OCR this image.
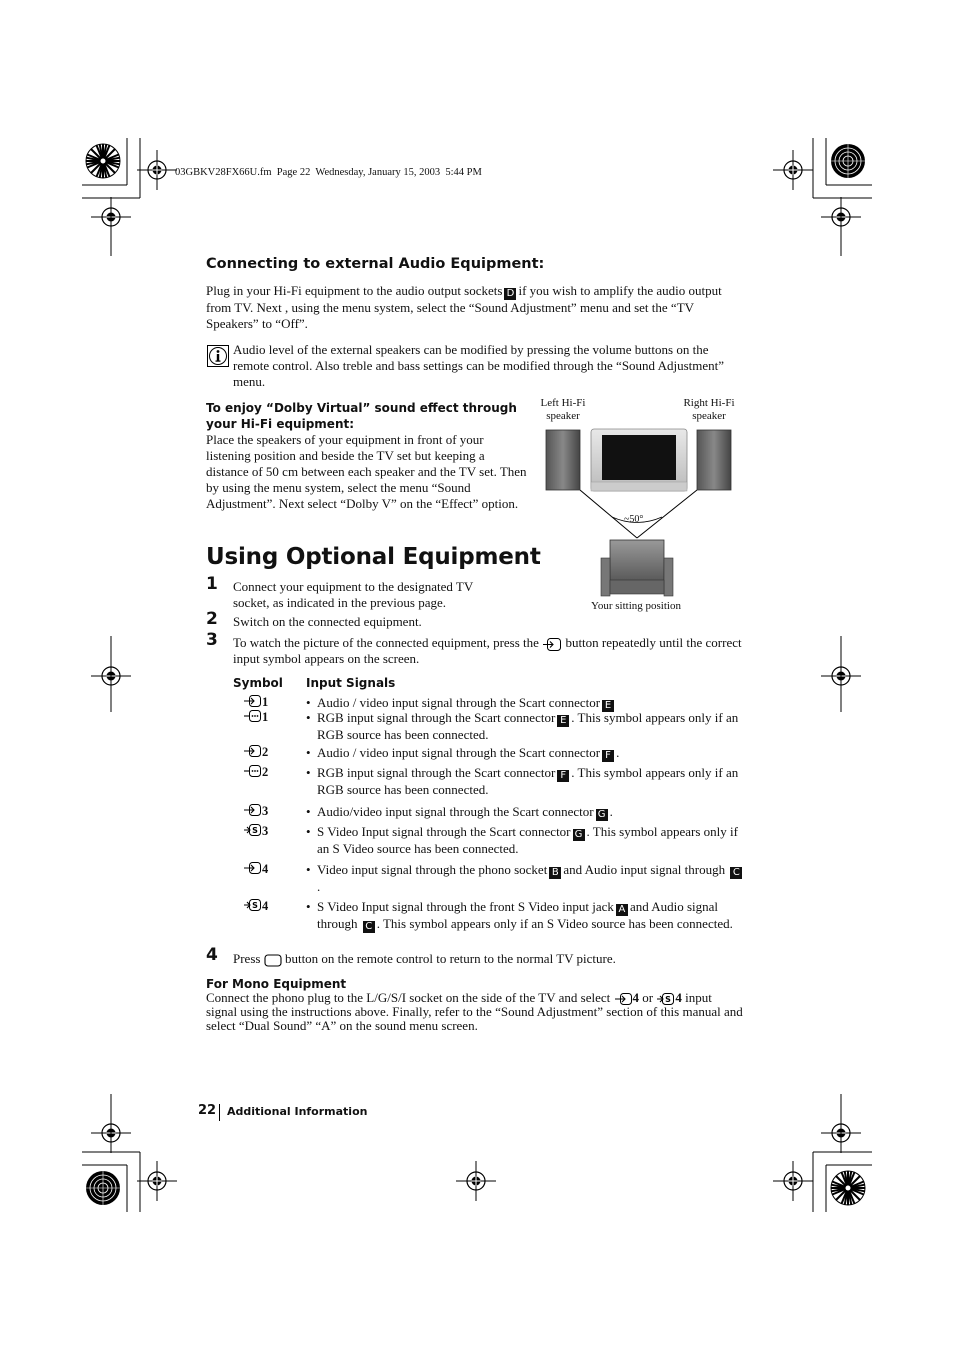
03GBKV28FX66U.fm  Page 22  Wednesday, January 15, 2003  5:44 PM
Connecting to external Audio Equipment:
Plug in your Hi-Fi equipment to the audio output sockets D if you wish to amplify the audio output from TV. Next , using the menu system, select the “Sound Adjustment” menu and set the “TV Speakers” to “Off”.
Audio level of the external speakers can be modified by pressing the volume buttons on the remote control. Also treble and bass settings can be modified through the “Sound Adjustment” menu.
To enjoy “Dolby Virtual” sound effect through your Hi-Fi equipment:
Place the speakers of your equipment in front of your listening position and beside the TV set but keeping a distance of 50 cm between each speaker and the TV set. Then by using the menu system, select the menu “Sound Adjustment”. Next select “Dolby V” on the “Effect” option.
Left Hi-Fi speaker
Right Hi-Fi speaker
~50°
Your sitting position
Using Optional Equipment
1 Connect your equipment to the designated TV socket, as indicated in the previous page.
2 Switch on the connected equipment.
3 To watch the picture of the connected equipment, press the button repeatedly until the correct input symbol appears on the screen.
Symbol Input Signals
1	• Audio / video input signal through the Scart connector E
1	• RGB input signal through the Scart connector E . This symbol appears only if an RGB source has been connected.
2	• Audio / video input signal through the Scart connector F .
2	• RGB input signal through the Scart connector F . This symbol appears only if an RGB source has been connected.
3	• Audio/video input signal through the Scart connector G .
S 3	• S Video Input signal through the Scart connector G . This symbol appears only if an S Video source has been connected.
4	• Video input signal through the phono socket B and Audio input signal through C.
S 4	• S Video Input signal through the front S Video input jack A and Audio signal through C . This symbol appears only if an S Video source has been connected.
4 Press button on the remote control to return to the normal TV picture.
For Mono Equipment
Connect the phono plug to the L/G/S/I socket on the side of the TV and select 4 or S 4 input signal using the instructions above. Finally, refer to the “Sound Adjustment” section of this manual and select “Dual Sound” “A” on the sound menu screen.
22 Additional Information
